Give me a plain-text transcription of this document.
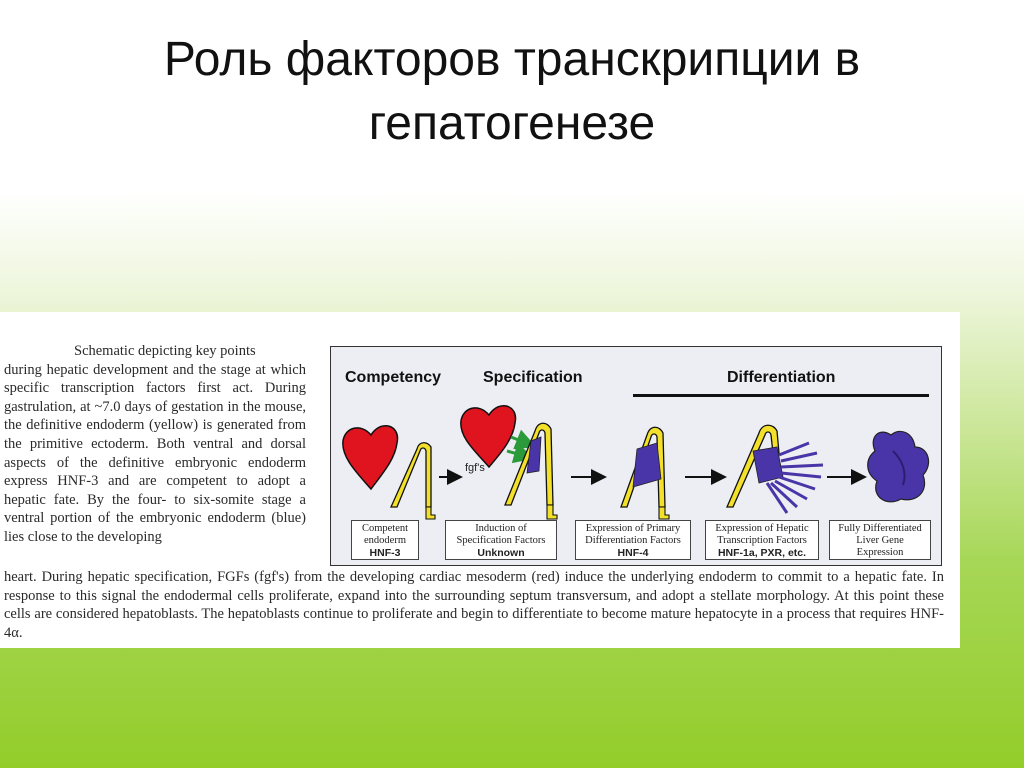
Роль факторов транскрипции в
гепатогенезе
Schematic depicting key points
during hepatic development and the stage at which specific transcription factors first act. During gastrulation, at ~7.0 days of gestation in the mouse, the definitive endoderm (yellow) is generated from the primitive ectoderm. Both ventral and dorsal aspects of the definitive embryonic endoderm express HNF-3 and are competent to adopt a hepatic fate. By the four- to six-somite stage a ventral portion of the embryonic endoderm (blue) lies close to the developing
Competency	Specification	Differentiation
fgf's
Competent
endoderm
HNF-3
Induction of
Specification Factors
Unknown
Expression of Primary
Differentiation Factors
HNF-4
Expression of Hepatic
Transcription Factors
HNF-1a, PXR, etc.
Fully Differentiated
Liver Gene
Expression
heart. During hepatic specification, FGFs (fgf's) from the developing cardiac mesoderm (red) induce the underlying endoderm to commit to a hepatic fate. In response to this signal the endodermal cells proliferate, expand into the surrounding septum transversum, and adopt a stellate morphology. At this point these cells are considered hepatoblasts. The hepatoblasts continue to proliferate and begin to differentiate to become mature hepatocyte in a process that requires HNF-4α.
